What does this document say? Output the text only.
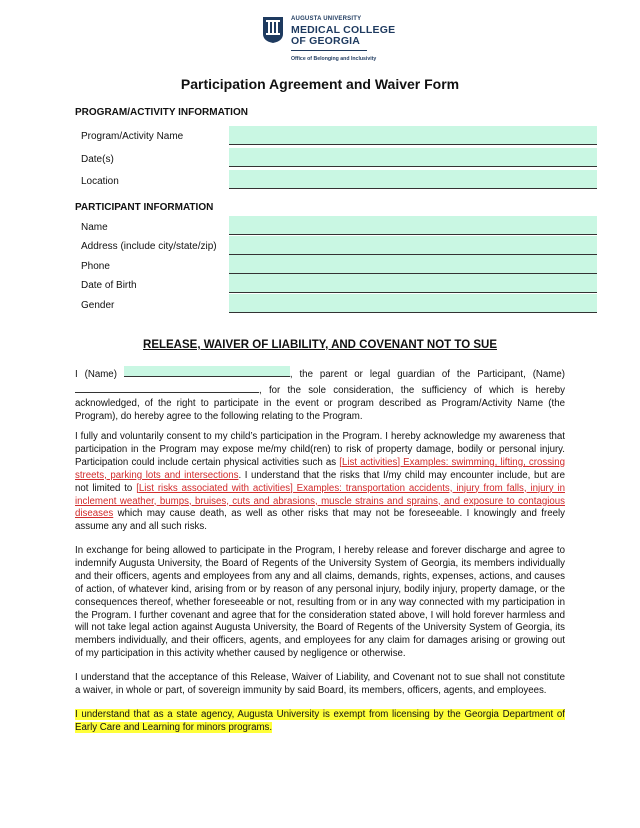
AUGUSTA UNIVERSITY
MEDICAL COLLEGE
OF GEORGIA
Office of Belonging and Inclusivity
Participation Agreement and Waiver Form
PROGRAM/ACTIVITY INFORMATION
Program/Activity Name
Date(s)
Location
PARTICIPANT INFORMATION
Name
Address (include city/state/zip)
Phone
Date of Birth
Gender
RELEASE, WAIVER OF LIABILITY, AND COVENANT NOT TO SUE
I (Name)	, the parent or legal guardian of the Participant, (Name) , for the sole consideration, the sufficiency of which is hereby acknowledged, of the right to participate in the event or program described as Program/Activity Name (the Program), do hereby agree to the following relating to the Program.
I fully and voluntarily consent to my child’s participation in the Program. I hereby acknowledge my awareness that participation in the Program may expose me/my child(ren) to risk of property damage, bodily or personal injury. Participation could include certain physical activities such as [List activities] Examples: swimming, lifting, crossing streets, parking lots and intersections. I understand that the risks that I/my child may encounter include, but are not limited to [List risks associated with activities] Examples: transportation accidents, injury from falls, injury in inclement weather, bumps, bruises, cuts and abrasions, muscle strains and sprains, and exposure to contagious diseases which may cause death, as well as other risks that may not be foreseeable. I knowingly and freely assume any and all such risks.
In exchange for being allowed to participate in the Program, I hereby release and forever discharge and agree to indemnify Augusta University, the Board of Regents of the University System of Georgia, its members individually and their officers, agents and employees from any and all claims, demands, rights, expenses, actions, and causes of action, of whatever kind, arising from or by reason of any personal injury, bodily injury, property damage, or the consequences thereof, whether foreseeable or not, resulting from or in any way connected with my participation in the Program. I further covenant and agree that for the consideration stated above, I will hold forever harmless and will not take legal action against Augusta University, the Board of Regents of the University System of Georgia, its members individually, and their officers, agents, and employees for any claim for damages arising or growing out of my participation in this activity whether caused by negligence or otherwise.
I understand that the acceptance of this Release, Waiver of Liability, and Covenant not to sue shall not constitute a waiver, in whole or part, of sovereign immunity by said Board, its members, officers, agents, and employees.
I understand that as a state agency, Augusta University is exempt from licensing by the Georgia Department of Early Care and Learning for minors programs.
